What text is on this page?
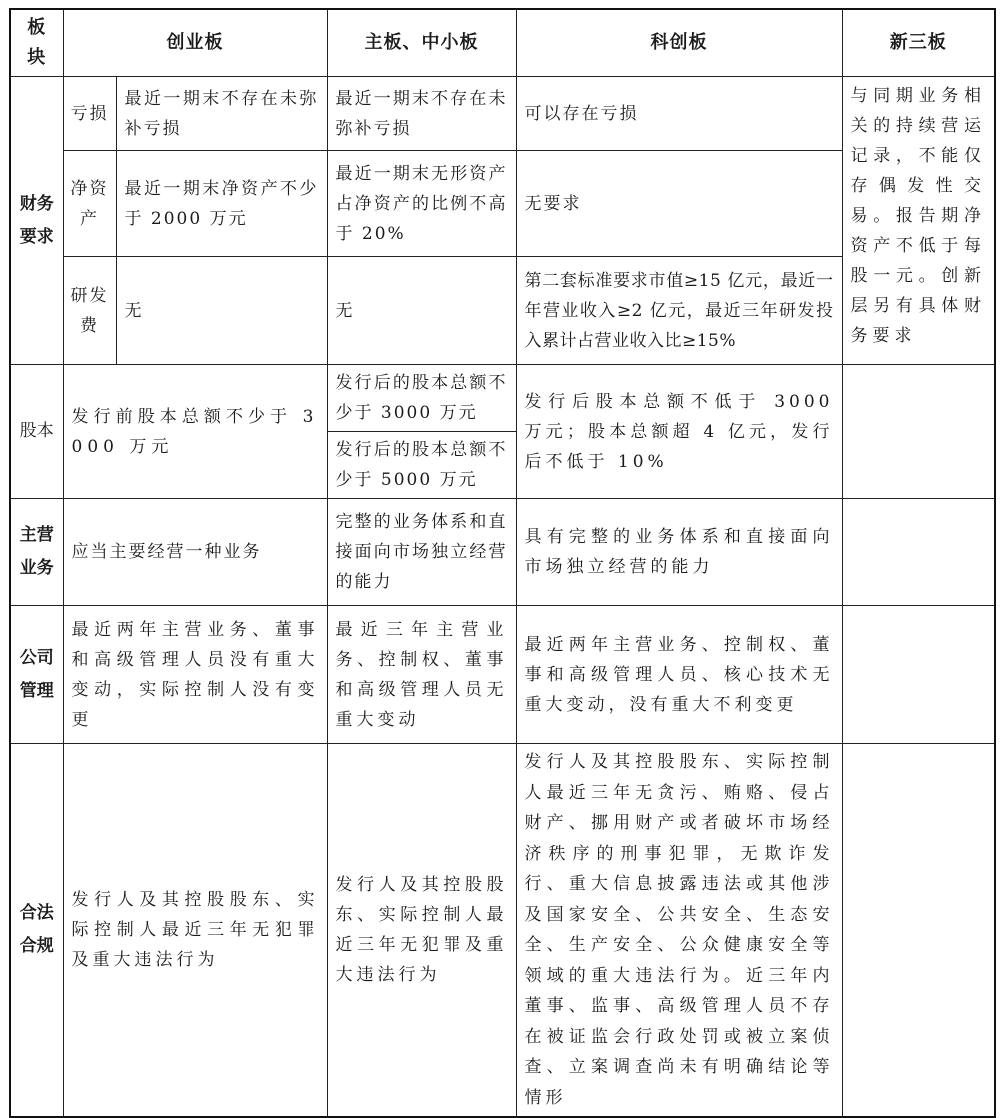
板块	创业板		主板、中小板	科创板	新三板
财务要求	亏损	最近一期末不存在未弥补亏损	最近一期末不存在未弥补亏损	可以存在亏损	与同期业务相关的持续营运记录，不能仅存偶发性交易。报告期净资产不低于每股一元。创新层另有具体财务要求
	净资产	最近一期末净资产不少于 2000 万元	最近一期末无形资产占净资产的比例不高于 20%	无要求	
	研发费	无	无	第二套标准要求市值≥15 亿元，最近一年营业收入≥2 亿元，最近三年研发投入累计占营业收入比≥15%	
股本	发行前股本总额不少于 3000 万元		发行后的股本总额不少于 3000 万元	发行后股本总额不低于 3000 万元；股本总额超 4 亿元，发行后不低于 10%	
			发行后的股本总额不少于 5000 万元		
主营业务	应当主要经营一种业务		完整的业务体系和直接面向市场独立经营的能力	具有完整的业务体系和直接面向市场独立经营的能力	
公司管理	最近两年主营业务、董事和高级管理人员没有重大变动，实际控制人没有变更		最近三年主营业务、控制权、董事和高级管理人员无重大变动	最近两年主营业务、控制权、董事和高级管理人员、核心技术无重大变动，没有重大不利变更	
合法合规	发行人及其控股股东、实际控制人最近三年无犯罪及重大违法行为		发行人及其控股股东、实际控制人最近三年无犯罪及重大违法行为	发行人及其控股股东、实际控制人最近三年无贪污、贿赂、侵占财产、挪用财产或者破坏市场经济秩序的刑事犯罪，无欺诈发行、重大信息披露违法或其他涉及国家安全、公共安全、生态安全、生产安全、公众健康安全等领域的重大违法行为。近三年内董事、监事、高级管理人员不存在被证监会行政处罚或被立案侦查、立案调查尚未有明确结论等情形	
